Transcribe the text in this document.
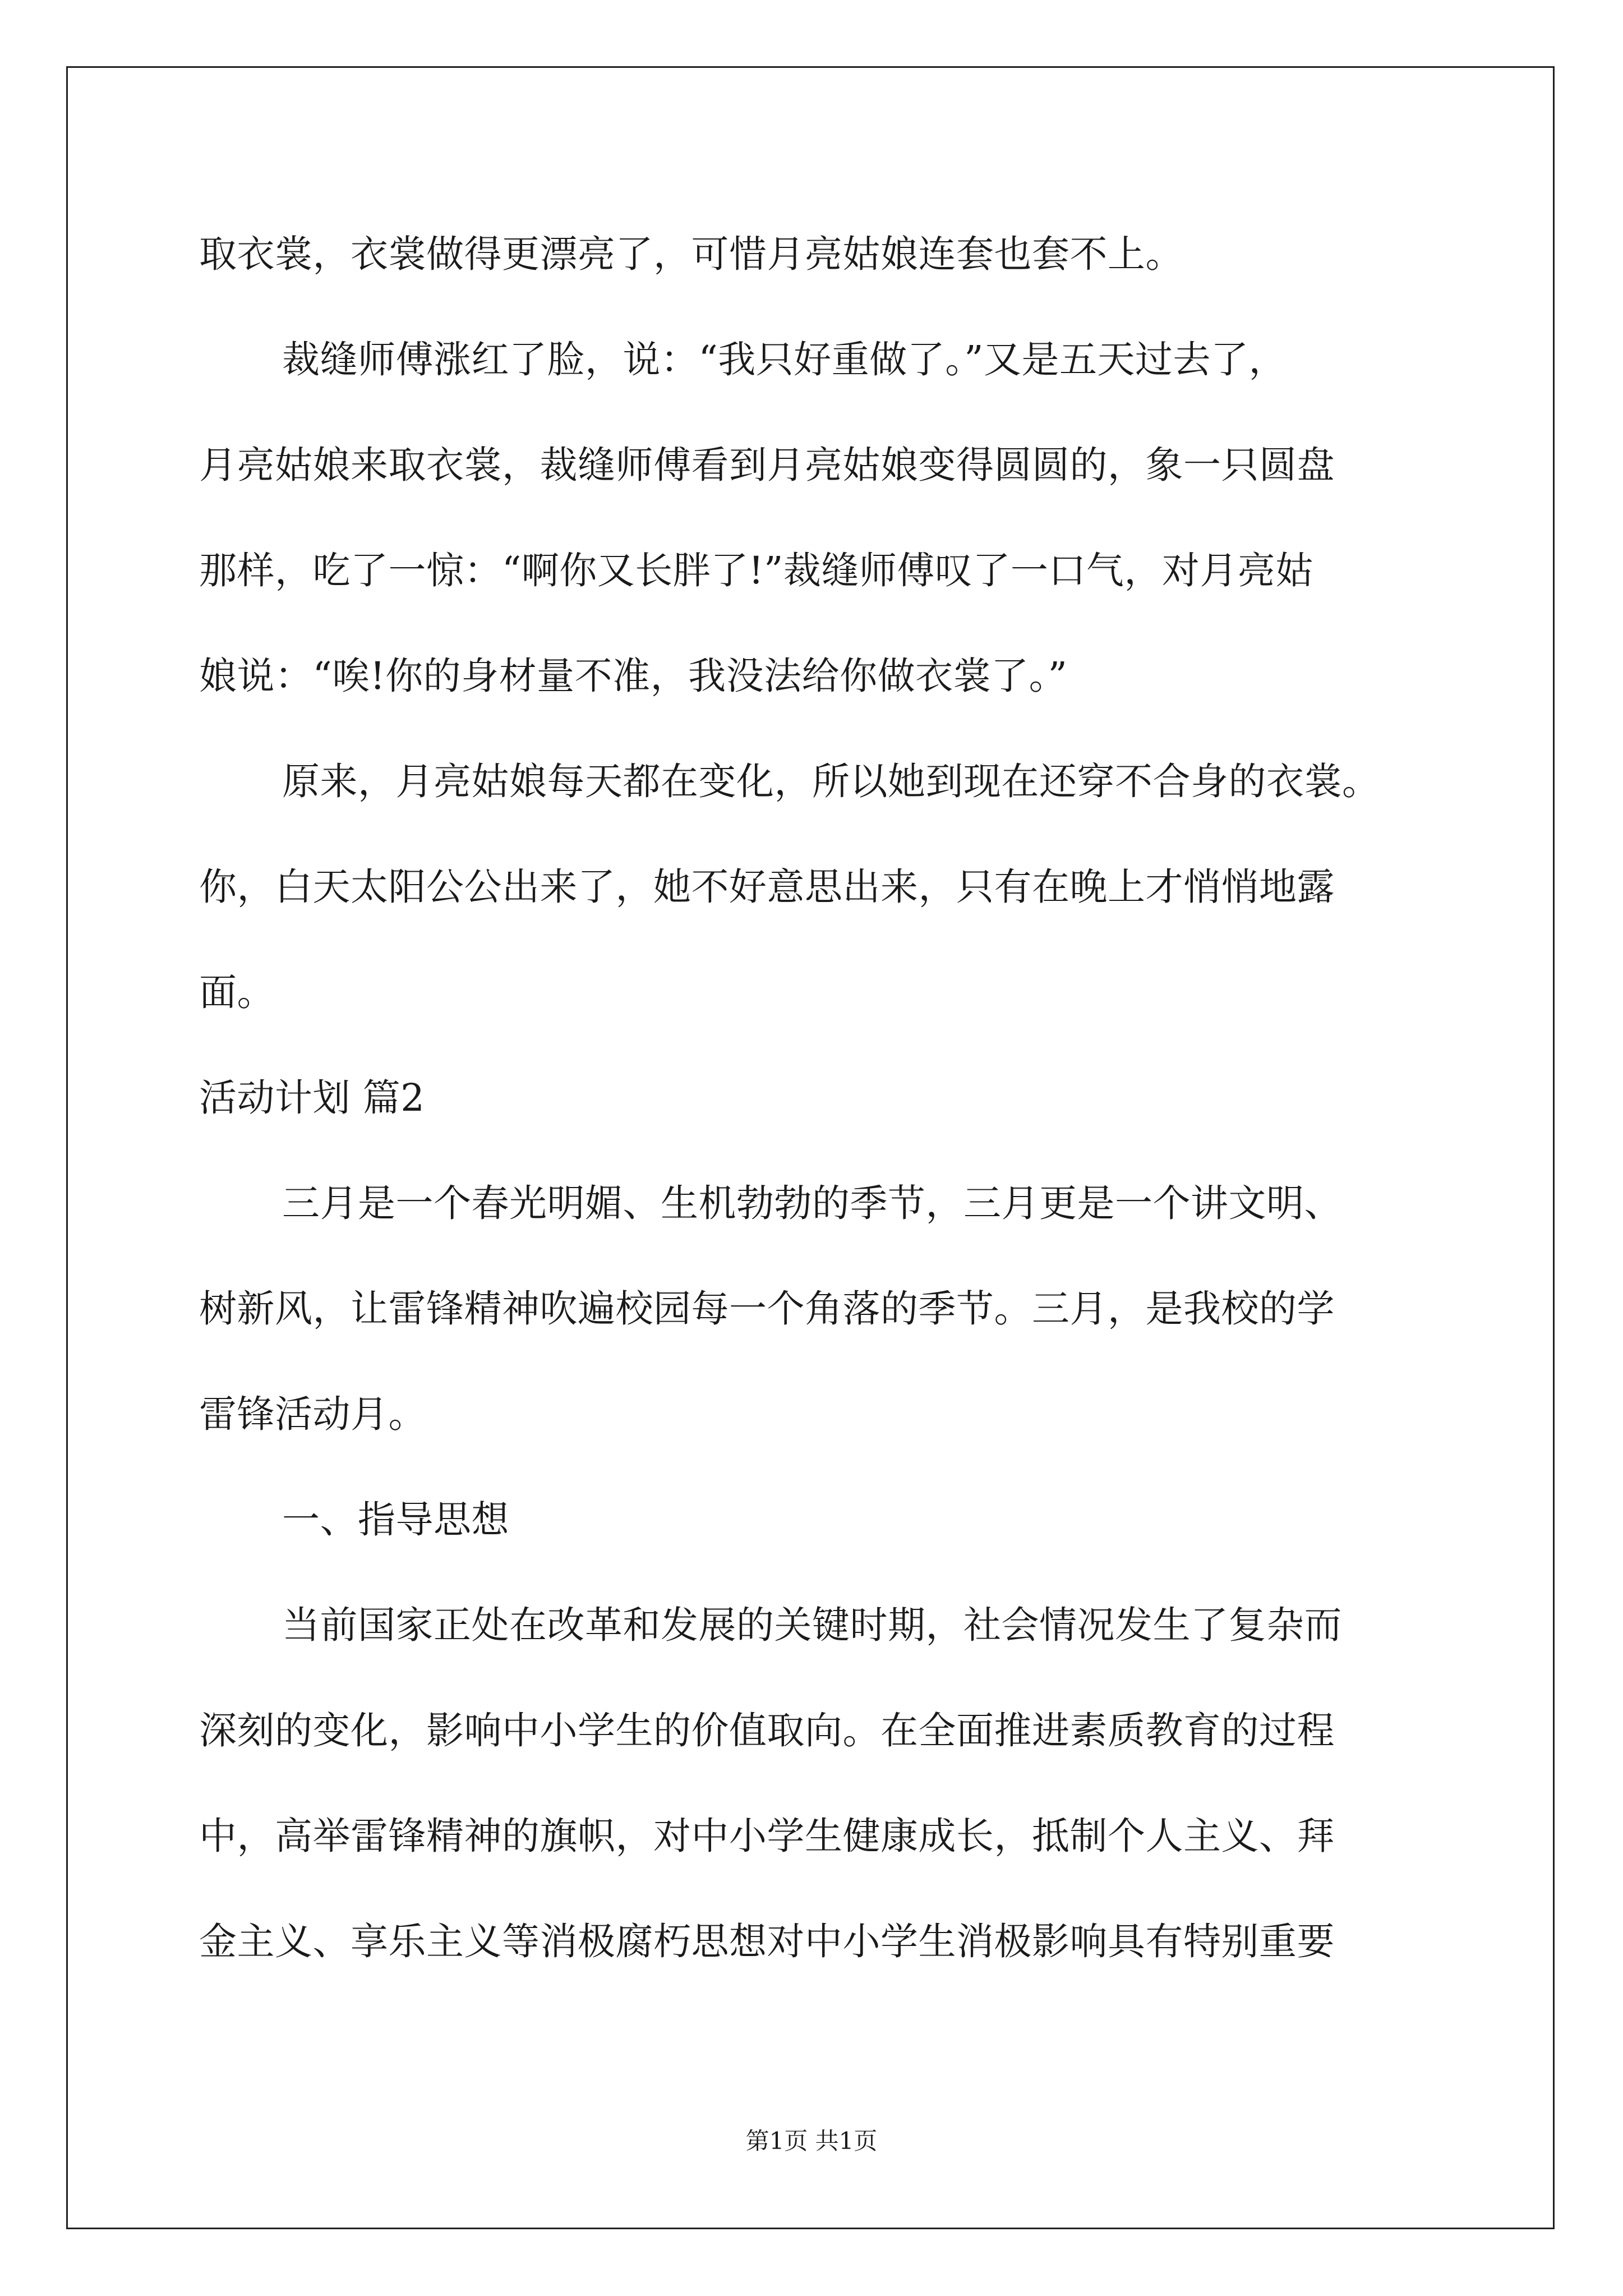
取衣裳，衣裳做得更漂亮了，可惜月亮姑娘连套也套不上。
裁缝师傅涨红了脸，说：“我只好重做了。”又是五天过去了，
月亮姑娘来取衣裳，裁缝师傅看到月亮姑娘变得圆圆的，象一只圆盘
那样，吃了一惊：“啊你又长胖了!”裁缝师傅叹了一口气，对月亮姑
娘说：“唉!你的身材量不准，我没法给你做衣裳了。”
原来，月亮姑娘每天都在变化，所以她到现在还穿不合身的衣裳。
你，白天太阳公公出来了，她不好意思出来，只有在晚上才悄悄地露
面。
活动计划 篇2
三月是一个春光明媚、生机勃勃的季节，三月更是一个讲文明、
树新风，让雷锋精神吹遍校园每一个角落的季节。三月，是我校的学
雷锋活动月。
一、指导思想
当前国家正处在改革和发展的关键时期，社会情况发生了复杂而
深刻的变化，影响中小学生的价值取向。在全面推进素质教育的过程
中，高举雷锋精神的旗帜，对中小学生健康成长，抵制个人主义、拜
金主义、享乐主义等消极腐朽思想对中小学生消极影响具有特别重要
第1页 共1页
